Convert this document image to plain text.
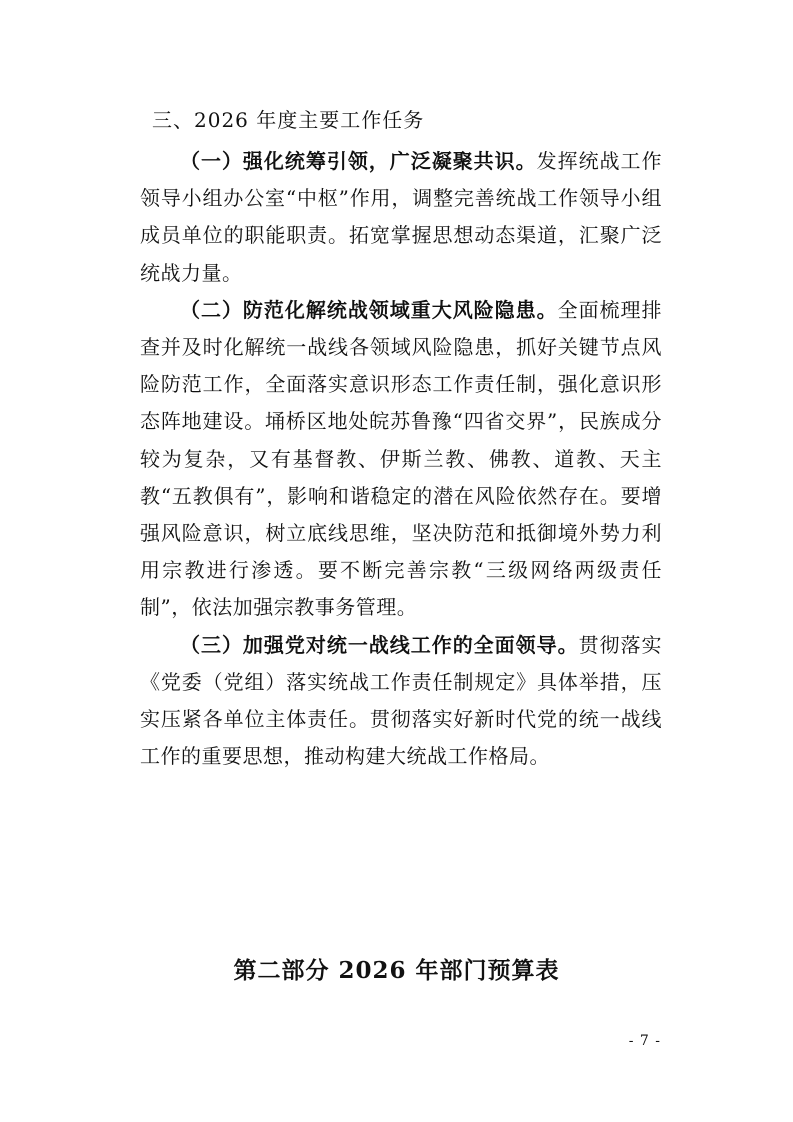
三、2026 年度主要工作任务

（一）强化统筹引领，广泛凝聚共识。发挥统战工作领导小组办公室“中枢”作用，调整完善统战工作领导小组成员单位的职能职责。拓宽掌握思想动态渠道，汇聚广泛统战力量。

（二）防范化解统战领域重大风险隐患。全面梳理排查并及时化解统一战线各领域风险隐患，抓好关键节点风险防范工作，全面落实意识形态工作责任制，强化意识形态阵地建设。埇桥区地处皖苏鲁豫“四省交界”，民族成分较为复杂，又有基督教、伊斯兰教、佛教、道教、天主教“五教俱有”，影响和谐稳定的潜在风险依然存在。要增强风险意识，树立底线思维，坚决防范和抵御境外势力利用宗教进行渗透。要不断完善宗教“三级网络两级责任制”，依法加强宗教事务管理。

（三）加强党对统一战线工作的全面领导。贯彻落实《党委（党组）落实统战工作责任制规定》具体举措，压实压紧各单位主体责任。贯彻落实好新时代党的统一战线工作的重要思想，推动构建大统战工作格局。

第二部分 2026 年部门预算表
- 7 -
